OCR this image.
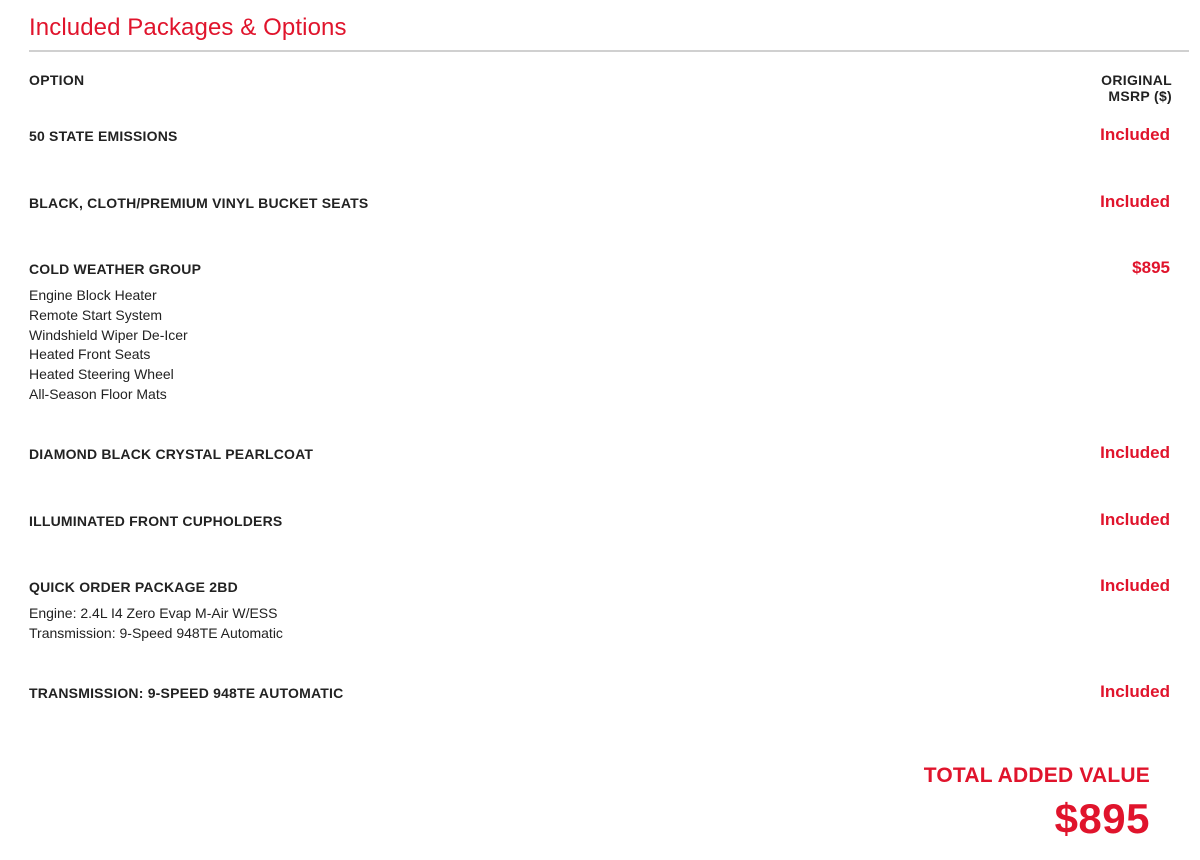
Included Packages & Options
OPTION	ORIGINAL
MSRP ($)

50 STATE EMISSIONS	Included

BLACK, CLOTH/PREMIUM VINYL BUCKET SEATS	Included

COLD WEATHER GROUP	$895
Engine Block Heater
Remote Start System
Windshield Wiper De-Icer
Heated Front Seats
Heated Steering Wheel
All-Season Floor Mats

DIAMOND BLACK CRYSTAL PEARLCOAT	Included

ILLUMINATED FRONT CUPHOLDERS	Included

QUICK ORDER PACKAGE 2BD	Included
Engine: 2.4L I4 Zero Evap M-Air W/ESS
Transmission: 9-Speed 948TE Automatic

TRANSMISSION: 9-SPEED 948TE AUTOMATIC	Included
TOTAL ADDED VALUE
$895
